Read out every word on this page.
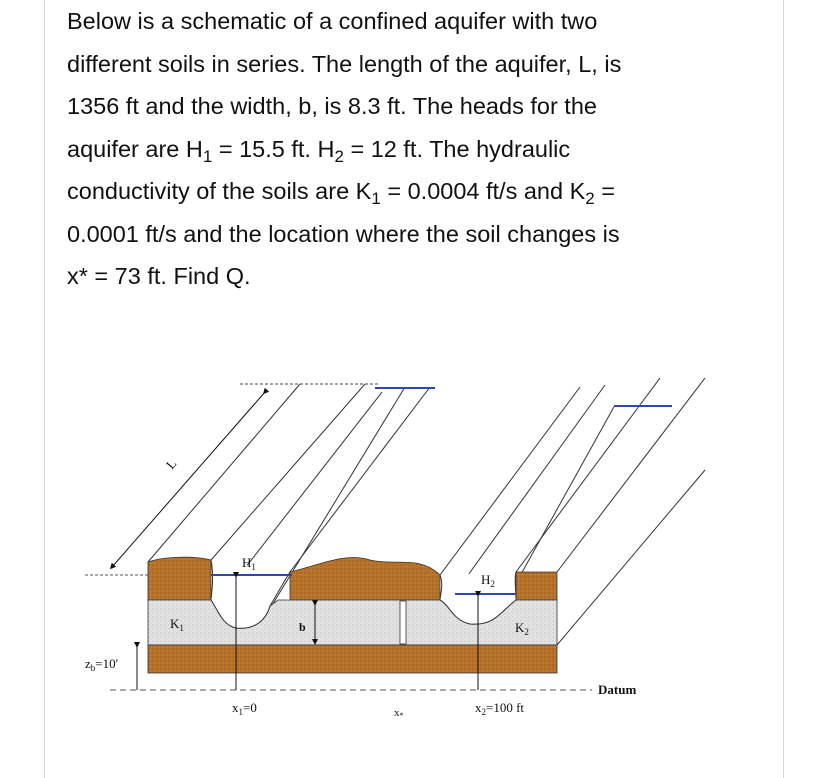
Below is a schematic of a confined aquifer with two
different soils in series. The length of the aquifer, L, is
1356 ft and the width, b, is 8.3 ft. The heads for the
aquifer are $H_1 = 15.5$ ft. $H_2 = 12$ ft. The hydraulic
conductivity of the soils are $K_1 = 0.0004$ ft/s and $K_2$ =
0.0001 ft/s and the location where the soil changes is
x* = 73 ft. Find Q.
L
$H_1$
$H_2$
$K_1$	$K_2$
b
$z_b=10'$
$x_1=0$	x*
$x_2=100$ ft
Datum
